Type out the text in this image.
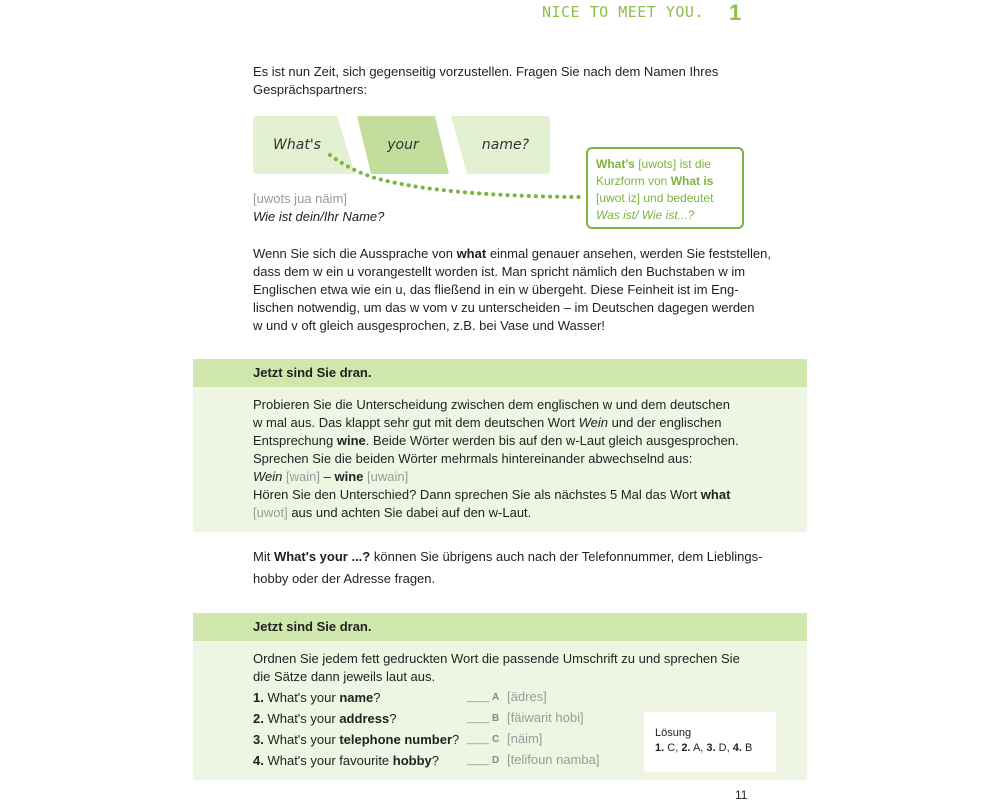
NICE TO MEET YOU. 1
Es ist nun Zeit, sich gegenseitig vorzustellen. Fragen Sie nach dem Namen Ihres
Gesprächspartners:
What's	your	name?
[uwots jua näim]
Wie ist dein/Ihr Name?
What's [uwots] ist die
Kurzform von What is
[uwot iz] und bedeutet
Was ist/ Wie ist...?
Wenn Sie sich die Aussprache von what einmal genauer ansehen, werden Sie feststellen,
dass dem w ein u vorangestellt worden ist. Man spricht nämlich den Buchstaben w im
Englischen etwa wie ein u, das fließend in ein w übergeht. Diese Feinheit ist im Eng-
lischen notwendig, um das w vom v zu unterscheiden – im Deutschen dagegen werden
w und v oft gleich ausgesprochen, z.B. bei Vase und Wasser!
Jetzt sind Sie dran.
Probieren Sie die Unterscheidung zwischen dem englischen w und dem deutschen
w mal aus. Das klappt sehr gut mit dem deutschen Wort Wein und der englischen
Entsprechung wine. Beide Wörter werden bis auf den w-Laut gleich ausgesprochen.
Sprechen Sie die beiden Wörter mehrmals hintereinander abwechselnd aus:
Wein [wain] – wine [uwain]
Hören Sie den Unterschied? Dann sprechen Sie als nächstes 5 Mal das Wort what
[uwot] aus und achten Sie dabei auf den w-Laut.
Mit What's your ...? können Sie übrigens auch nach der Telefonnummer, dem Lieblings-
hobby oder der Adresse fragen.
Jetzt sind Sie dran.
Ordnen Sie jedem fett gedruckten Wort die passende Umschrift zu und sprechen Sie
die Sätze dann jeweils laut aus.
1. What's your name?	____ A [ädres]
2. What's your address?	____ B [fäiwarit hobi]
3. What's your telephone number? ____ C [näim]
4. What's your favourite hobby?	____ D [telifoun namba]
Lösung
1. C, 2. A, 3. D, 4. B
11
